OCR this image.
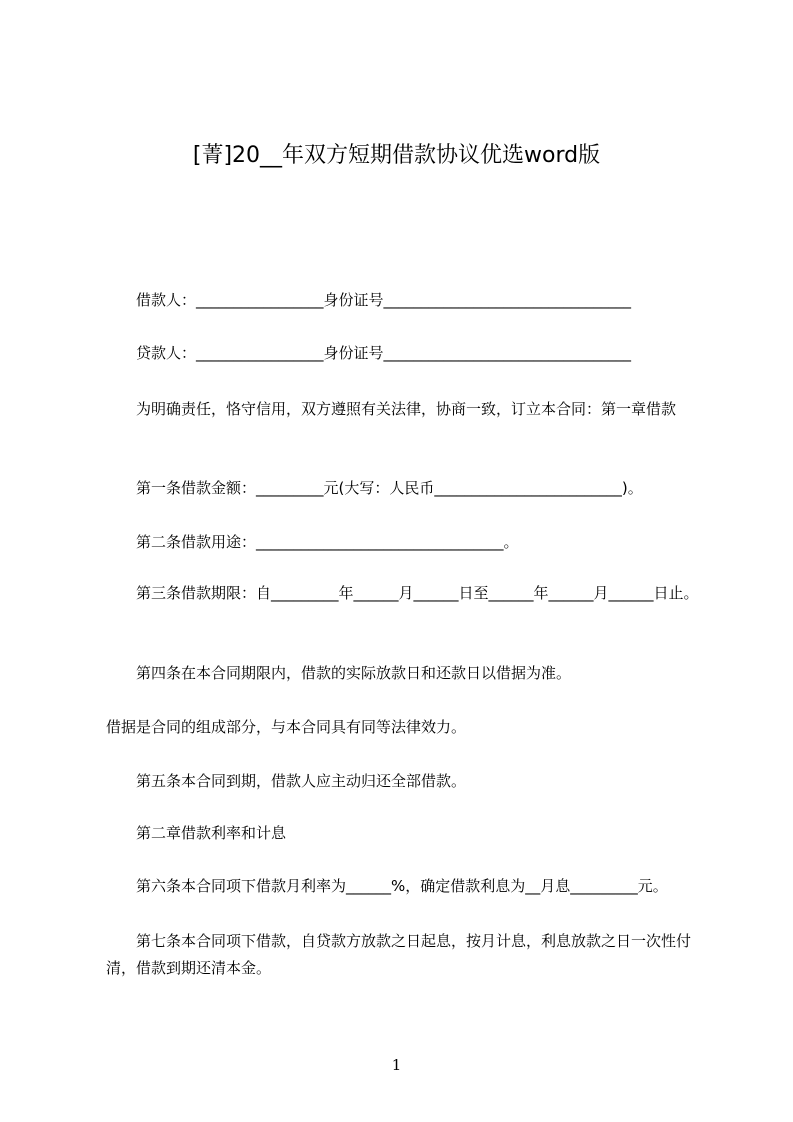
[菁]20__年双方短期借款协议优选word版
借款人：_________________身份证号_________________________________
贷款人：_________________身份证号_________________________________
为明确责任，恪守信用，双方遵照有关法律，协商一致，订立本合同：第一章借款
第一条借款金额：_________元(大写：人民币_________________________)。
第二条借款用途：_________________________________。
第三条借款期限：自_________年______月______日至______年______月______日止。
第四条在本合同期限内，借款的实际放款日和还款日以借据为准。
借据是合同的组成部分，与本合同具有同等法律效力。
第五条本合同到期，借款人应主动归还全部借款。
第二章借款利率和计息
第六条本合同项下借款月利率为______%，确定借款利息为__月息_________元。
第七条本合同项下借款，自贷款方放款之日起息，按月计息，利息放款之日一次性付清，借款到期还清本金。
1
